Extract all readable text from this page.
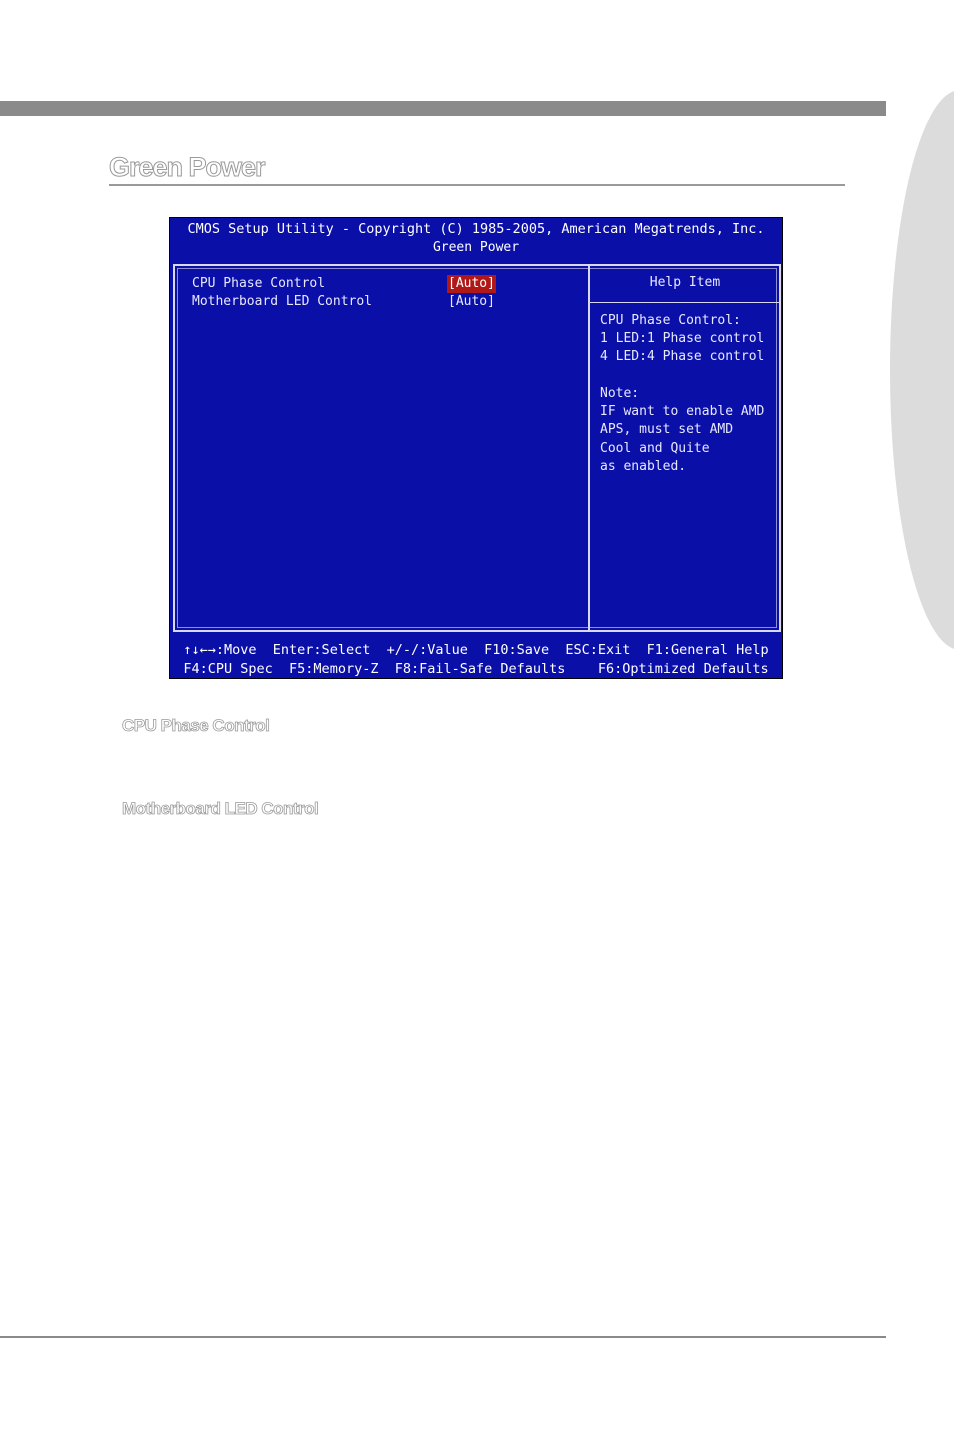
Green Power
CMOS Setup Utility - Copyright (C) 1985-2005, American Megatrends, Inc.
Green Power
CPU Phase Control	[Auto]
Motherboard LED Control	[Auto]
Help Item
CPU Phase Control:
1 LED:1 Phase control
4 LED:4 Phase control
Note:
IF want to enable AMD
APS, must set AMD
Cool and Quite
as enabled.
↑↓←→:Move  Enter:Select  +/-/:Value  F10:Save  ESC:Exit  F1:General Help
F4:CPU Spec  F5:Memory-Z  F8:Fail-Safe Defaults    F6:Optimized Defaults
CPU Phase Control
Motherboard LED Control
